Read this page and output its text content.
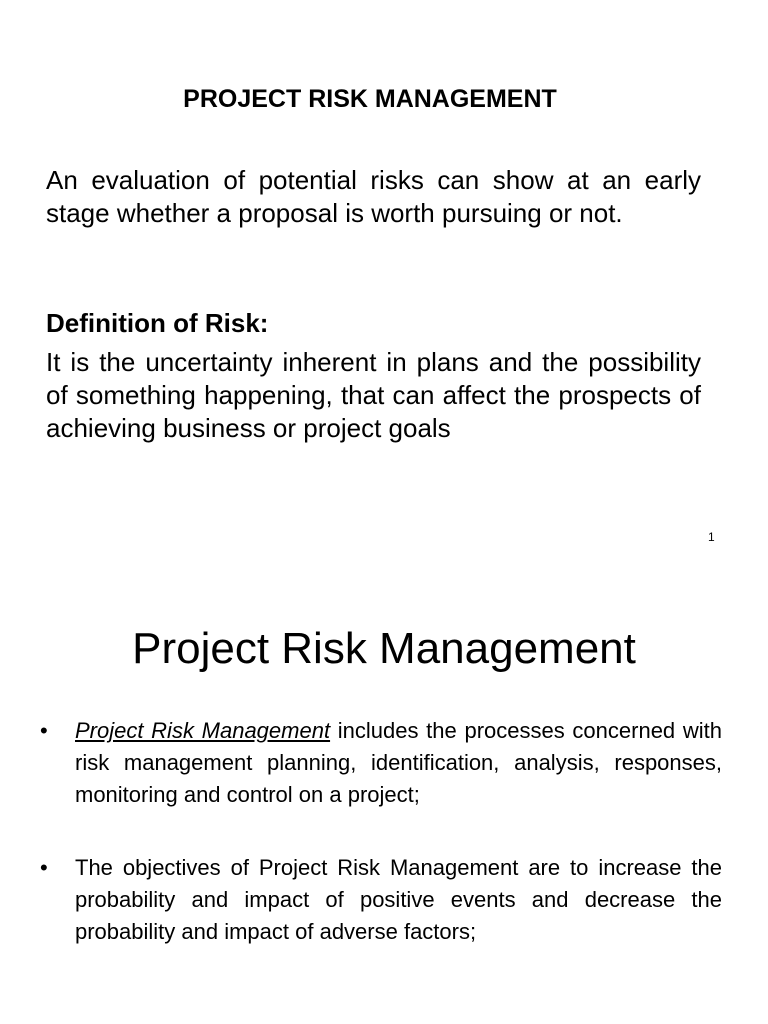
PROJECT RISK MANAGEMENT

An evaluation of potential risks can show at an early stage whether a proposal is worth pursuing or not.

Definition of Risk:

It is the uncertainty inherent in plans and the possibility of something happening, that can affect the prospects of achieving business or project goals

1
Project Risk Management
•	Project Risk Management includes the processes concerned with risk management planning, identification, analysis, responses, monitoring and control on a project;

•	The objectives of Project Risk Management are to increase the probability and impact of positive events and decrease the probability and impact of adverse factors;
